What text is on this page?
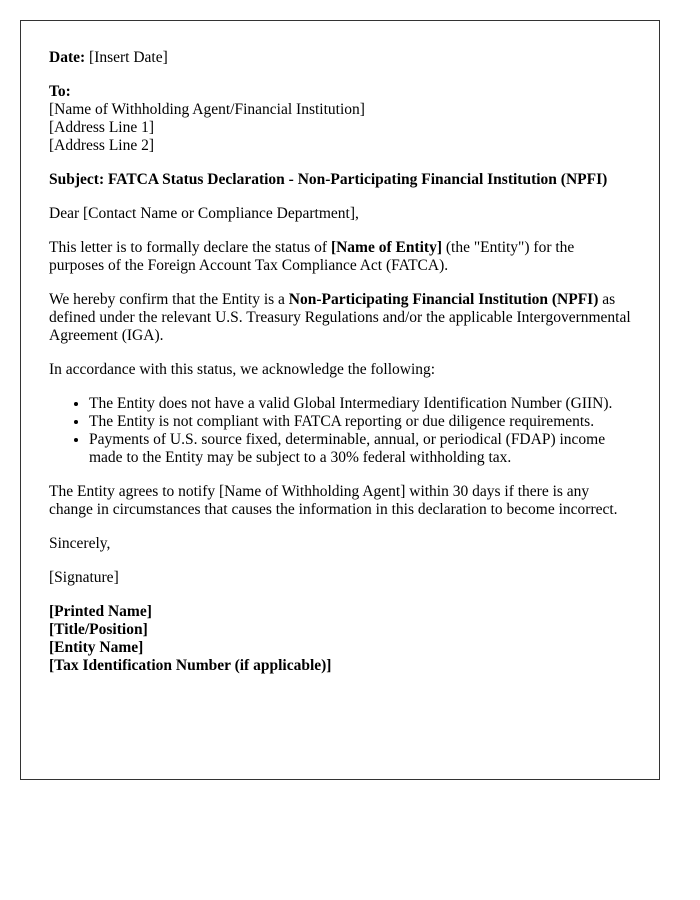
Date: [Insert Date]

To:
[Name of Withholding Agent/Financial Institution]
[Address Line 1]
[Address Line 2]

Subject: FATCA Status Declaration - Non-Participating Financial Institution (NPFI)

Dear [Contact Name or Compliance Department],

This letter is to formally declare the status of [Name of Entity] (the "Entity") for the purposes of the Foreign Account Tax Compliance Act (FATCA).

We hereby confirm that the Entity is a Non-Participating Financial Institution (NPFI) as defined under the relevant U.S. Treasury Regulations and/or the applicable Intergovernmental Agreement (IGA).

In accordance with this status, we acknowledge the following:

• The Entity does not have a valid Global Intermediary Identification Number (GIIN).
• The Entity is not compliant with FATCA reporting or due diligence requirements.
• Payments of U.S. source fixed, determinable, annual, or periodical (FDAP) income made to the Entity may be subject to a 30% federal withholding tax.

The Entity agrees to notify [Name of Withholding Agent] within 30 days if there is any change in circumstances that causes the information in this declaration to become incorrect.

Sincerely,

[Signature]

[Printed Name]
[Title/Position]
[Entity Name]
[Tax Identification Number (if applicable)]
